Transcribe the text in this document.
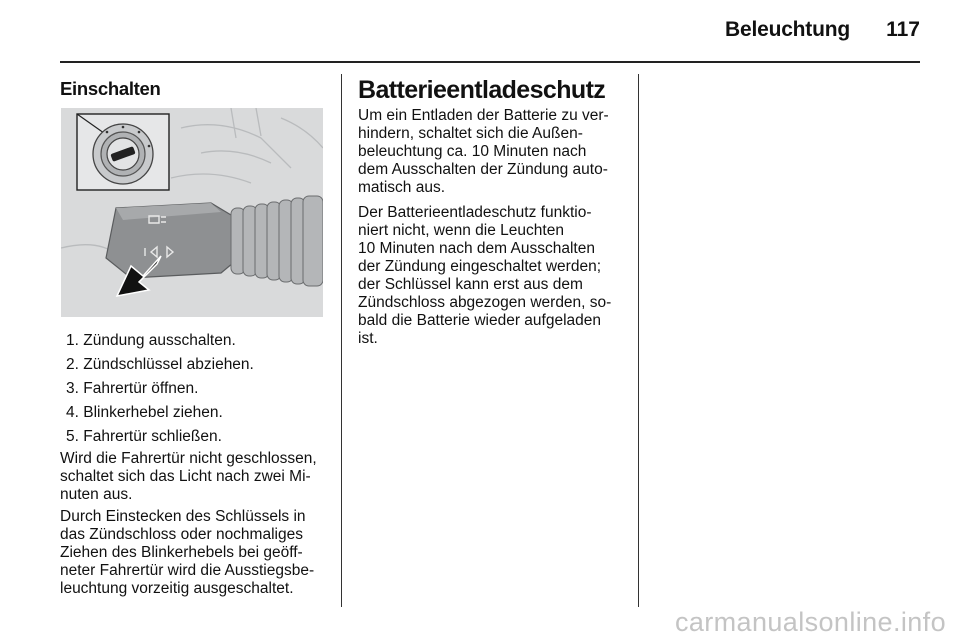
Beleuchtung	117
Einschalten
1. Zündung ausschalten.
2. Zündschlüssel abziehen.
3. Fahrertür öffnen.
4. Blinkerhebel ziehen.
5. Fahrertür schließen.
Wird die Fahrertür nicht geschlossen,
schaltet sich das Licht nach zwei Mi-
nuten aus.
Durch Einstecken des Schlüssels in
das Zündschloss oder nochmaliges
Ziehen des Blinkerhebels bei geöff-
neter Fahrertür wird die Ausstiegsbe-
leuchtung vorzeitig ausgeschaltet.
Batterieentladeschutz
Um ein Entladen der Batterie zu ver-
hindern, schaltet sich die Außen-
beleuchtung ca. 10 Minuten nach
dem Ausschalten der Zündung auto-
matisch aus.
Der Batterieentladeschutz funktio-
niert nicht, wenn die Leuchten
10 Minuten nach dem Ausschalten
der Zündung eingeschaltet werden;
der Schlüssel kann erst aus dem
Zündschloss abgezogen werden, so-
bald die Batterie wieder aufgeladen
ist.
carmanualsonline.info
